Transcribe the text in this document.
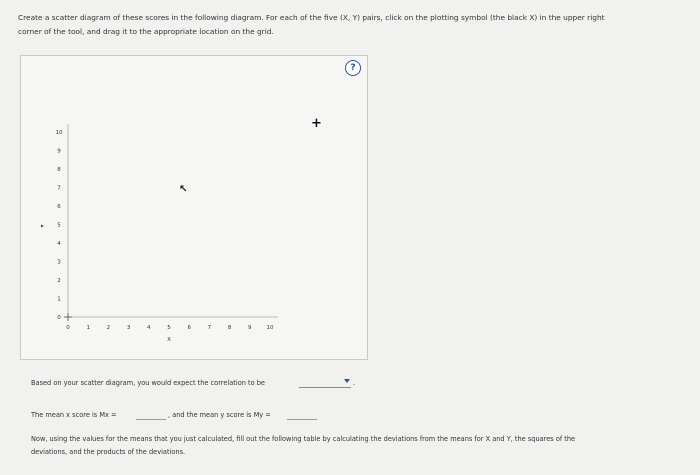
Create a scatter diagram of these scores in the following diagram. For each of the five (X, Y) pairs, click on the plotting symbol (the black X) in the upper right corner of the tool, and drag it to the appropriate location on the grid.
0	1	2	3	4	5	6	7	8	9	10
0
1
2
3
4
5
6
7
8
9
10
X
▸
↖
?
+
Based on your scatter diagram, you would expect the correlation to be	.
The mean x score is Mx =	, and the mean y score is My =
Now, using the values for the means that you just calculated, fill out the following table by calculating the deviations from the means for X and Y, the squares of the deviations, and the products of the deviations.
